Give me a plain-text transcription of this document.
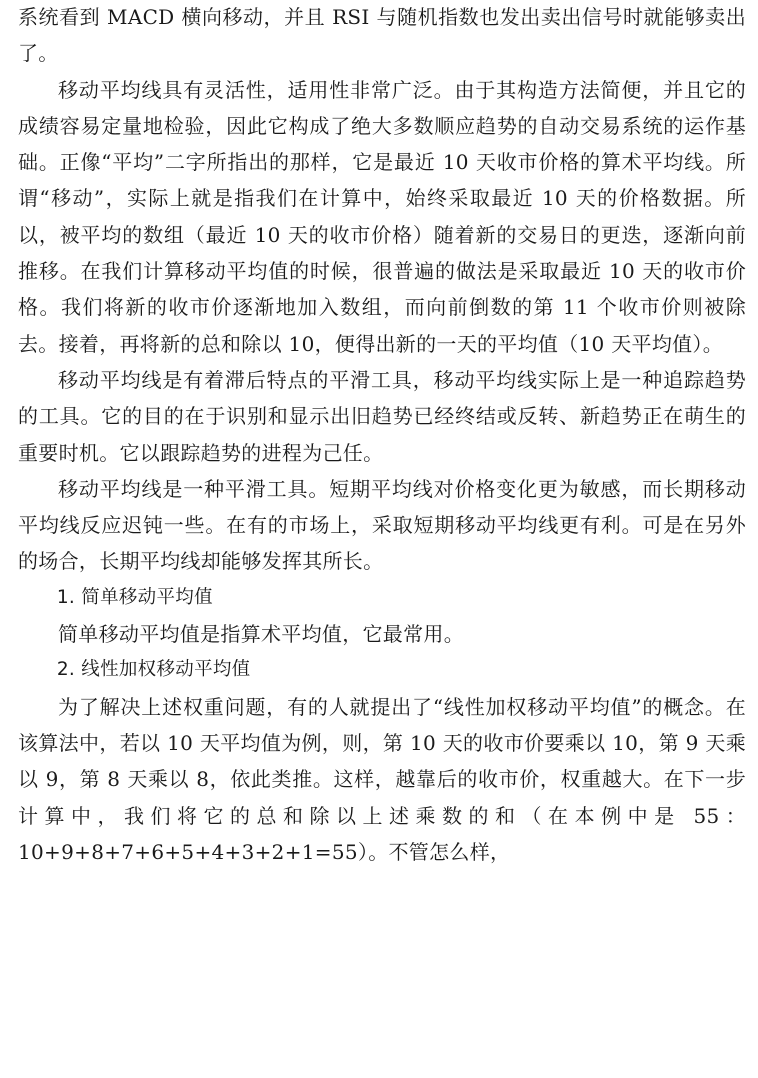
系统看到 MACD 横向移动，并且 RSI 与随机指数也发出卖出信号时就能够卖出了。

移动平均线具有灵活性，适用性非常广泛。由于其构造方法简便，并且它的成绩容易定量地检验，因此它构成了绝大多数顺应趋势的自动交易系统的运作基础。正像“平均”二字所指出的那样，它是最近 10 天收市价格的算术平均线。所谓“移动”，实际上就是指我们在计算中，始终采取最近 10 天的价格数据。所以，被平均的数组（最近 10 天的收市价格）随着新的交易日的更迭，逐渐向前推移。在我们计算移动平均值的时候，很普遍的做法是采取最近 10 天的收市价格。我们将新的收市价逐渐地加入数组，而向前倒数的第 11 个收市价则被除去。接着，再将新的总和除以 10，便得出新的一天的平均值（10 天平均值）。

移动平均线是有着滞后特点的平滑工具，移动平均线实际上是一种追踪趋势的工具。它的目的在于识别和显示出旧趋势已经终结或反转、新趋势正在萌生的重要时机。它以跟踪趋势的进程为己任。

移动平均线是一种平滑工具。短期平均线对价格变化更为敏感，而长期移动平均线反应迟钝一些。在有的市场上，采取短期移动平均线更有利。可是在另外的场合，长期平均线却能够发挥其所长。

1. 简单移动平均值

简单移动平均值是指算术平均值，它最常用。

2. 线性加权移动平均值

为了解决上述权重问题，有的人就提出了“线性加权移动平均值”的概念。在该算法中，若以 10 天平均值为例，则，第 10 天的收市价要乘以 10，第 9 天乘以 9，第 8 天乘以 8，依此类推。这样，越靠后的收市价，权重越大。在下一步计算中，我们将它的总和除以上述乘数的和（在本例中是 55：10+9+8+7+6+5+4+3+2+1=55）。不管怎么样，
